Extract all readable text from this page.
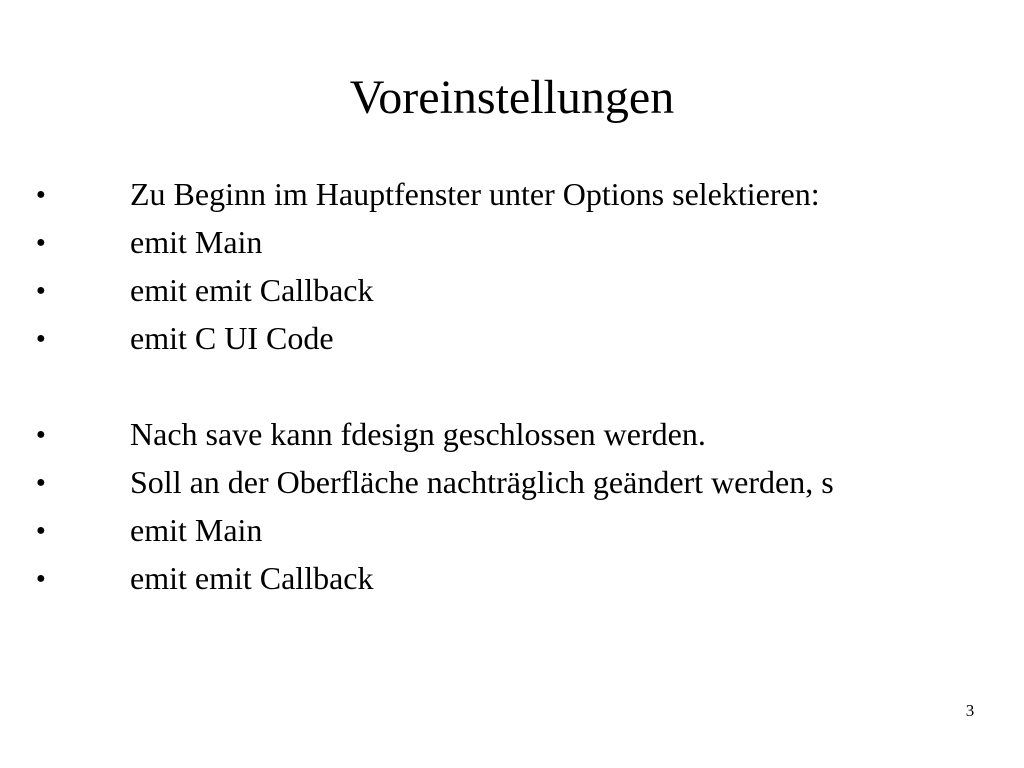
Voreinstellungen
●	Zu Beginn im Hauptfenster unter Options selektieren:
●	emit Main
●	emit emit Callback
●	emit C UI Code
●	Nach save kann fdesign geschlossen werden.
●	Soll an der Oberfläche nachträglich geändert werden, s
●	emit Main
●	emit emit Callback
3
